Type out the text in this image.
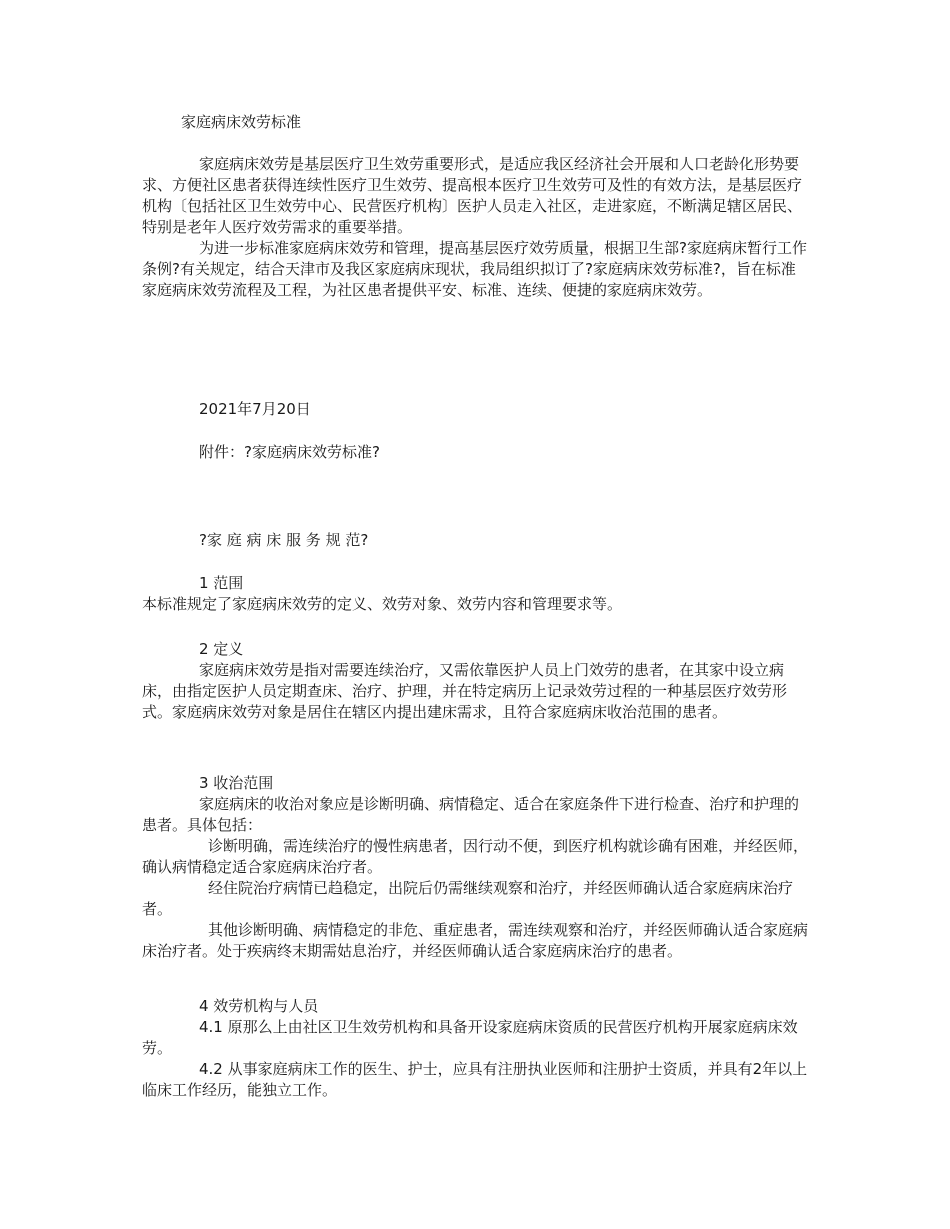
家庭病床效劳标准

家庭病床效劳是基层医疗卫生效劳重要形式，是适应我区经济社会开展和人口老龄化形势要求、方便社区患者获得连续性医疗卫生效劳、提高根本医疗卫生效劳可及性的有效方法，是基层医疗机构〔包括社区卫生效劳中心、民营医疗机构〕医护人员走入社区，走进家庭，不断满足辖区居民、特别是老年人医疗效劳需求的重要举措。

为进一步标准家庭病床效劳和管理，提高基层医疗效劳质量，根据卫生部?家庭病床暂行工作条例?有关规定，结合天津市及我区家庭病床现状，我局组织拟订了?家庭病床效劳标准?，旨在标准家庭病床效劳流程及工程，为社区患者提供平安、标准、连续、便捷的家庭病床效劳。

2021年7月20日

附件：?家庭病床效劳标准?

?家 庭 病 床 服 务 规 范?
1 范围

本标准规定了家庭病床效劳的定义、效劳对象、效劳内容和管理要求等。

2 定义

家庭病床效劳是指对需要连续治疗，又需依靠医护人员上门效劳的患者，在其家中设立病床，由指定医护人员定期查床、治疗、护理，并在特定病历上记录效劳过程的一种基层医疗效劳形式。家庭病床效劳对象是居住在辖区内提出建床需求，且符合家庭病床收治范围的患者。

3 收治范围

家庭病床的收治对象应是诊断明确、病情稳定、适合在家庭条件下进行检查、治疗和护理的患者。具体包括：

诊断明确，需连续治疗的慢性病患者，因行动不便，到医疗机构就诊确有困难，并经医师，确认病情稳定适合家庭病床治疗者。

经住院治疗病情已趋稳定，出院后仍需继续观察和治疗，并经医师确认适合家庭病床治疗者。

其他诊断明确、病情稳定的非危、重症患者，需连续观察和治疗，并经医师确认适合家庭病床治疗者。处于疾病终末期需姑息治疗，并经医师确认适合家庭病床治疗的患者。

4 效劳机构与人员

4.1 原那么上由社区卫生效劳机构和具备开设家庭病床资质的民营医疗机构开展家庭病床效劳。

4.2 从事家庭病床工作的医生、护士，应具有注册执业医师和注册护士资质，并具有2年以上临床工作经历，能独立工作。
